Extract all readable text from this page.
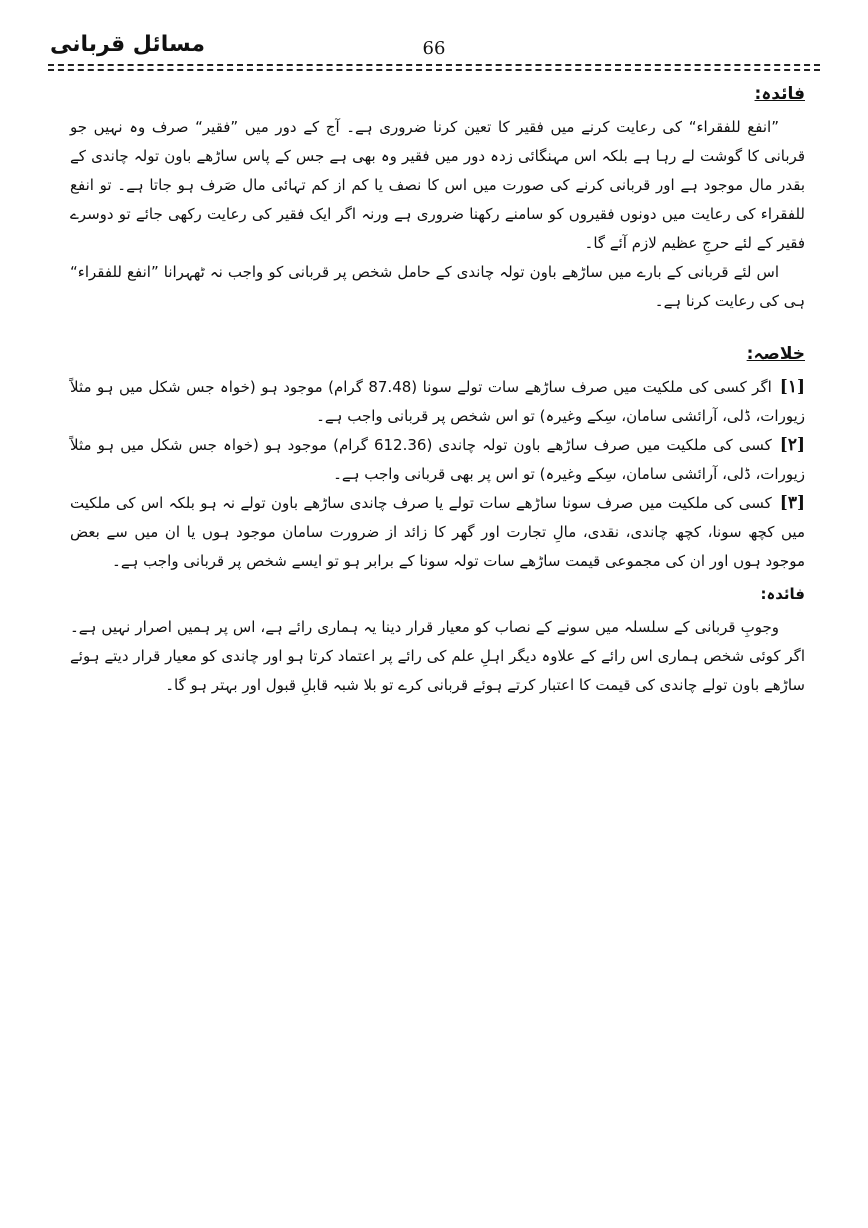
مسائل قربانی	66
فائدہ:

”انفع للفقراء“ کی رعایت کرنے میں فقیر کا تعین کرنا ضروری ہے۔ آج کے دور میں ”فقیر“ صرف وہ نہیں جو قربانی کا گوشت لے رہا ہے بلکہ اس مہنگائی زدہ دور میں فقیر وہ بھی ہے جس کے پاس ساڑھے باون تولہ چاندی کے بقدر مال موجود ہے اور قربانی کرنے کی صورت میں اس کا نصف یا کم از کم تہائی مال صَرف ہو جاتا ہے۔ تو انفع للفقراء کی رعایت میں دونوں فقیروں کو سامنے رکھنا ضروری ہے ورنہ اگر ایک فقیر کی رعایت رکھی جائے تو دوسرے فقیر کے لئے حرجِ عظیم لازم آئے گا۔

اس لئے قربانی کے بارے میں ساڑھے باون تولہ چاندی کے حامل شخص پر قربانی کو واجب نہ ٹھہرانا ”انفع للفقراء“ ہی کی رعایت کرنا ہے۔

خلاصہ:

[۱]اگر کسی کی ملکیت میں صرف ساڑھے سات تولے سونا (87.48 گرام) موجود ہو (خواہ جس شکل میں ہو مثلاً زیورات، ڈلی، آرائشی سامان، سِکے وغیرہ) تو اس شخص پر قربانی واجب ہے۔

[۲]کسی کی ملکیت میں صرف ساڑھے باون تولہ چاندی (612.36 گرام) موجود ہو (خواہ جس شکل میں ہو مثلاً زیورات، ڈلی، آرائشی سامان، سِکے وغیرہ) تو اس پر بھی قربانی واجب ہے۔

[۳]کسی کی ملکیت میں صرف سونا ساڑھے سات تولے یا صرف چاندی ساڑھے باون تولے نہ ہو بلکہ اس کی ملکیت میں کچھ سونا، کچھ چاندی، نقدی، مالِ تجارت اور گھر کا زائد از ضرورت سامان موجود ہوں یا ان میں سے بعض موجود ہوں اور ان کی مجموعی قیمت ساڑھے سات تولہ سونا کے برابر ہو تو ایسے شخص پر قربانی واجب ہے۔

فائدہ:

وجوبِ قربانی کے سلسلہ میں سونے کے نصاب کو معیار قرار دینا یہ ہماری رائے ہے، اس پر ہمیں اصرار نہیں ہے۔ اگر کوئی شخص ہماری اس رائے کے علاوہ دیگر اہلِ علم کی رائے پر اعتماد کرتا ہو اور چاندی کو معیار قرار دیتے ہوئے ساڑھے باون تولے چاندی کی قیمت کا اعتبار کرتے ہوئے قربانی کرے تو بلا شبہ قابلِ قبول اور بہتر ہو گا۔
